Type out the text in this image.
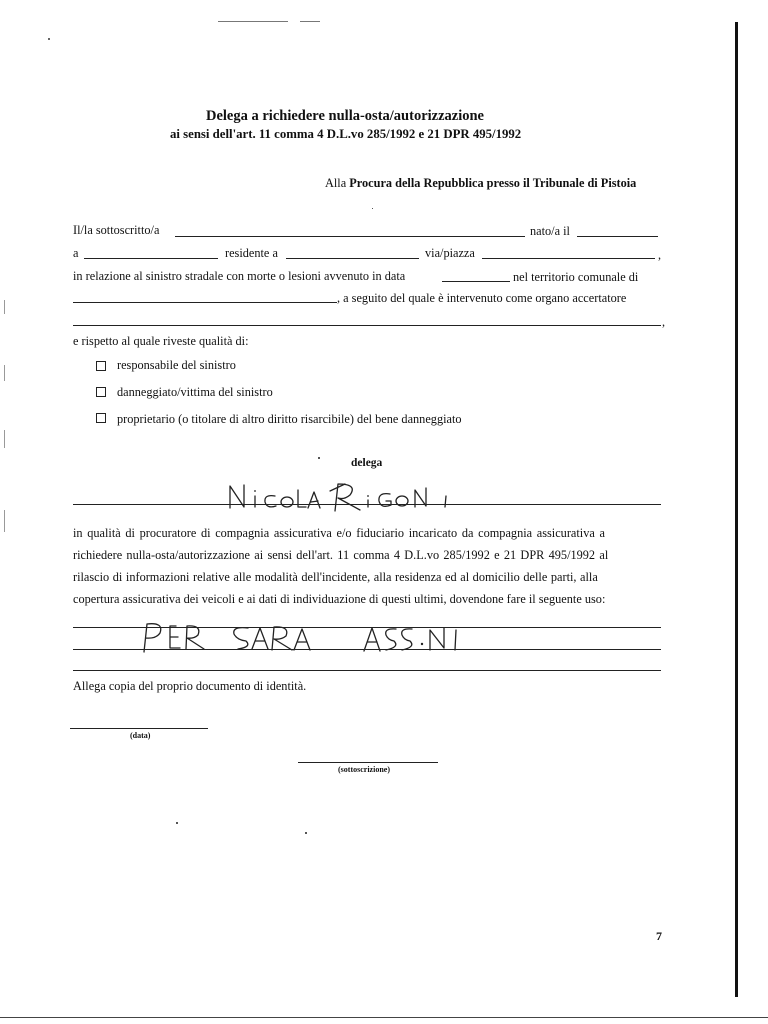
Delega a richiedere nulla-osta/autorizzazione
ai sensi dell'art. 11 comma 4 D.L.vo 285/1992 e 21 DPR 495/1992
Alla Procura della Repubblica presso il Tribunale di Pistoia
Il/la sottoscritto/a	nato/a il
a	residente a	via/piazza	,
in relazione al sinistro stradale con morte o lesioni avvenuto in data	nel territorio comunale di
, a seguito del quale è intervenuto come organo accertatore
,
e rispetto al quale riveste qualità di:
responsabile del sinistro
danneggiato/vittima del sinistro
proprietario (o titolare di altro diritto risarcibile) del bene danneggiato
delega
in qualità di procuratore di compagnia assicurativa e/o fiduciario incaricato da compagnia assicurativa a
richiedere nulla-osta/autorizzazione ai sensi dell'art. 11 comma 4 D.L.vo 285/1992 e 21 DPR 495/1992 al
rilascio di informazioni relative alle modalità dell'incidente, alla residenza ed al domicilio delle parti, alla
copertura assicurativa dei veicoli e ai dati di individuazione di questi ultimi, dovendone fare il seguente uso:
Allega copia del proprio documento di identità.
(data)
(sottoscrizione)
7
